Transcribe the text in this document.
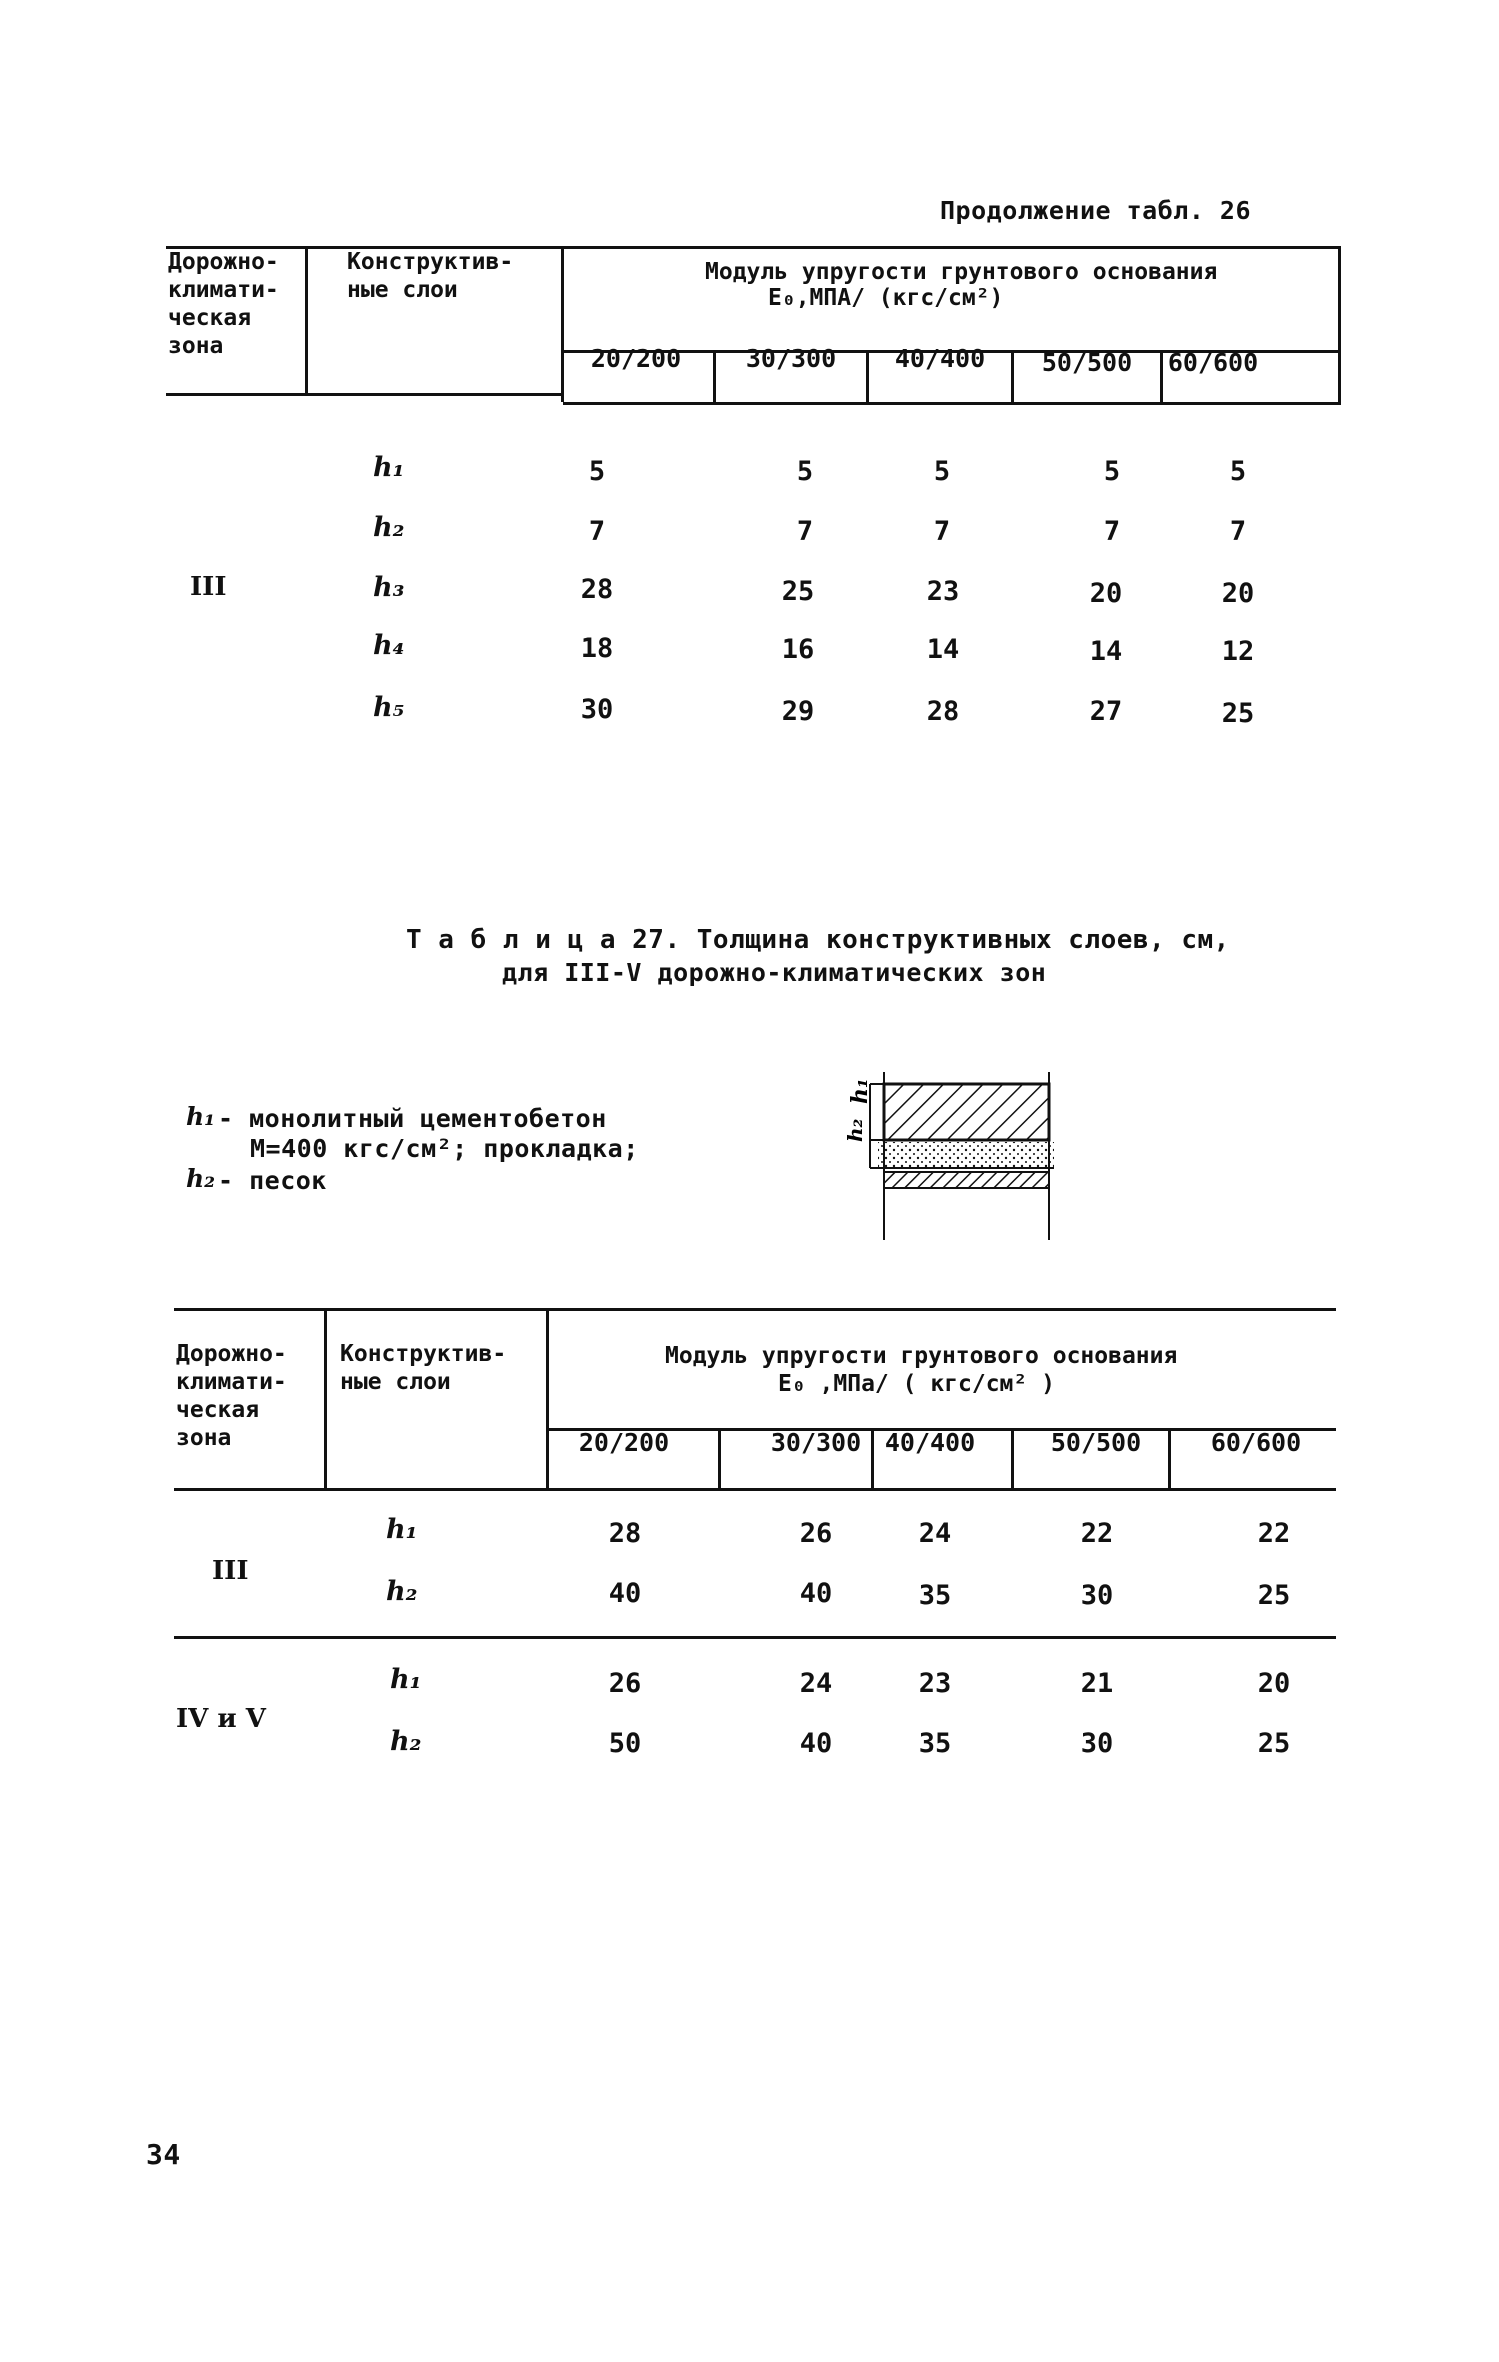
Продолжение табл. 26
Дорожно-
климати-
ческая
зона
Конструктив-
ные слои
Модуль упругости грунтового основания
E₀,МПА/ (кгс/см²)
20/200	30/300	40/400	50/500	60/600
III
h₁	5	5	5	5	5
h₂	7	7	7	7	7
h₃	28	25	23	20	20
h₄	18	16	14	14	12
h₅	30	29	28	27	25
Т а б л и ц а 27. Толщина конструктивных слоев, см,
для III-V дорожно-климатических зон
h₁ - монолитный цементобетон
М=400 кгс/см²; прокладка;
h₂ - песок
h₁
h₂
Дорожно-
климати-
ческая
зона
Конструктив-
ные слои
Модуль упругости грунтового основания
E₀ ,МПа/ ( кгс/см² )
20/200	30/300 40/400	50/500	60/600
III
h₁	28	26	24	22	22
h₂	40	40	35	30	25
IV и V
h₁	26	24	23	21	20
h₂	50	40	35	30	25
34
